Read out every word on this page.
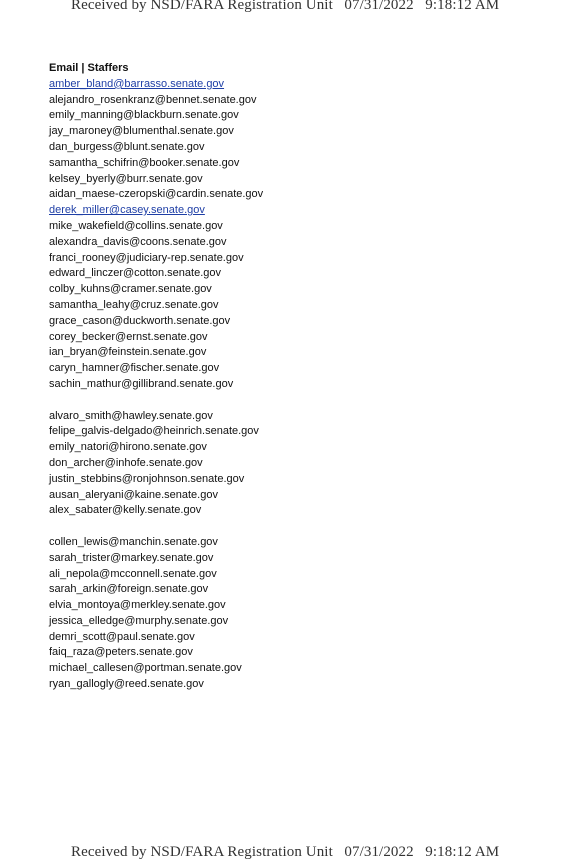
Received by NSD/FARA Registration Unit   07/31/2022   9:18:12 AM
Email | Staffers
amber_bland@barrasso.senate.gov
alejandro_rosenkranz@bennet.senate.gov
emily_manning@blackburn.senate.gov
jay_maroney@blumenthal.senate.gov
dan_burgess@blunt.senate.gov
samantha_schifrin@booker.senate.gov
kelsey_byerly@burr.senate.gov
aidan_maese-czeropski@cardin.senate.gov
derek_miller@casey.senate.gov
mike_wakefield@collins.senate.gov
alexandra_davis@coons.senate.gov
franci_rooney@judiciary-rep.senate.gov
edward_linczer@cotton.senate.gov
colby_kuhns@cramer.senate.gov
samantha_leahy@cruz.senate.gov
grace_cason@duckworth.senate.gov
corey_becker@ernst.senate.gov
ian_bryan@feinstein.senate.gov
caryn_hamner@fischer.senate.gov
sachin_mathur@gillibrand.senate.gov
alvaro_smith@hawley.senate.gov
felipe_galvis-delgado@heinrich.senate.gov
emily_natori@hirono.senate.gov
don_archer@inhofe.senate.gov
justin_stebbins@ronjohnson.senate.gov
ausan_aleryani@kaine.senate.gov
alex_sabater@kelly.senate.gov
collen_lewis@manchin.senate.gov
sarah_trister@markey.senate.gov
ali_nepola@mcconnell.senate.gov
sarah_arkin@foreign.senate.gov
elvia_montoya@merkley.senate.gov
jessica_elledge@murphy.senate.gov
demri_scott@paul.senate.gov
faiq_raza@peters.senate.gov
michael_callesen@portman.senate.gov
ryan_gallogly@reed.senate.gov
Received by NSD/FARA Registration Unit   07/31/2022   9:18:12 AM
